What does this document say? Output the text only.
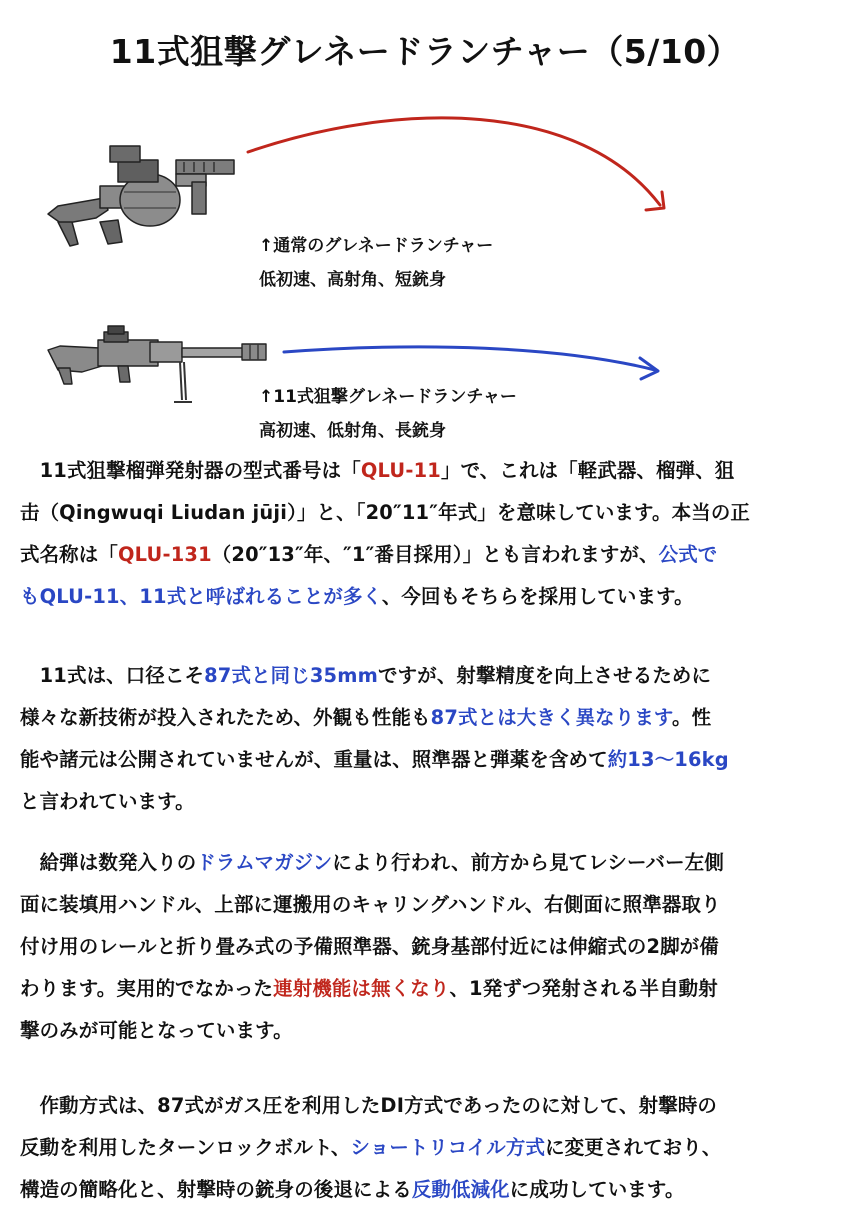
11式狙撃グレネードランチャー（5/10）
↑通常のグレネードランチャー
低初速、高射角、短銃身
↑11式狙撃グレネードランチャー
高初速、低射角、長銃身
　11式狙撃榴弾発射器の型式番号は「QLU-11」で、これは「軽武器、榴弾、狙
击（Qingwuqi Liudan jūji）」と、「20″11″年式」を意味しています。本当の正
式名称は「QLU-131（20″13″年、″1″番目採用）」とも言われますが、公式で
もQLU-11、11式と呼ばれることが多く、今回もそちらを採用しています。
　11式は、口径こそ87式と同じ35mmですが、射撃精度を向上させるために
様々な新技術が投入されたため、外観も性能も87式とは大きく異なります。性
能や諸元は公開されていませんが、重量は、照準器と弾薬を含めて約13〜16kg
と言われています。
　給弾は数発入りのドラムマガジンにより行われ、前方から見てレシーバー左側
面に装填用ハンドル、上部に運搬用のキャリングハンドル、右側面に照準器取り
付け用のレールと折り畳み式の予備照準器、銃身基部付近には伸縮式の2脚が備
わります。実用的でなかった連射機能は無くなり、1発ずつ発射される半自動射
撃のみが可能となっています。
　作動方式は、87式がガス圧を利用したDI方式であったのに対して、射撃時の
反動を利用したターンロックボルト、ショートリコイル方式に変更されており、
構造の簡略化と、射撃時の銃身の後退による反動低減化に成功しています。
